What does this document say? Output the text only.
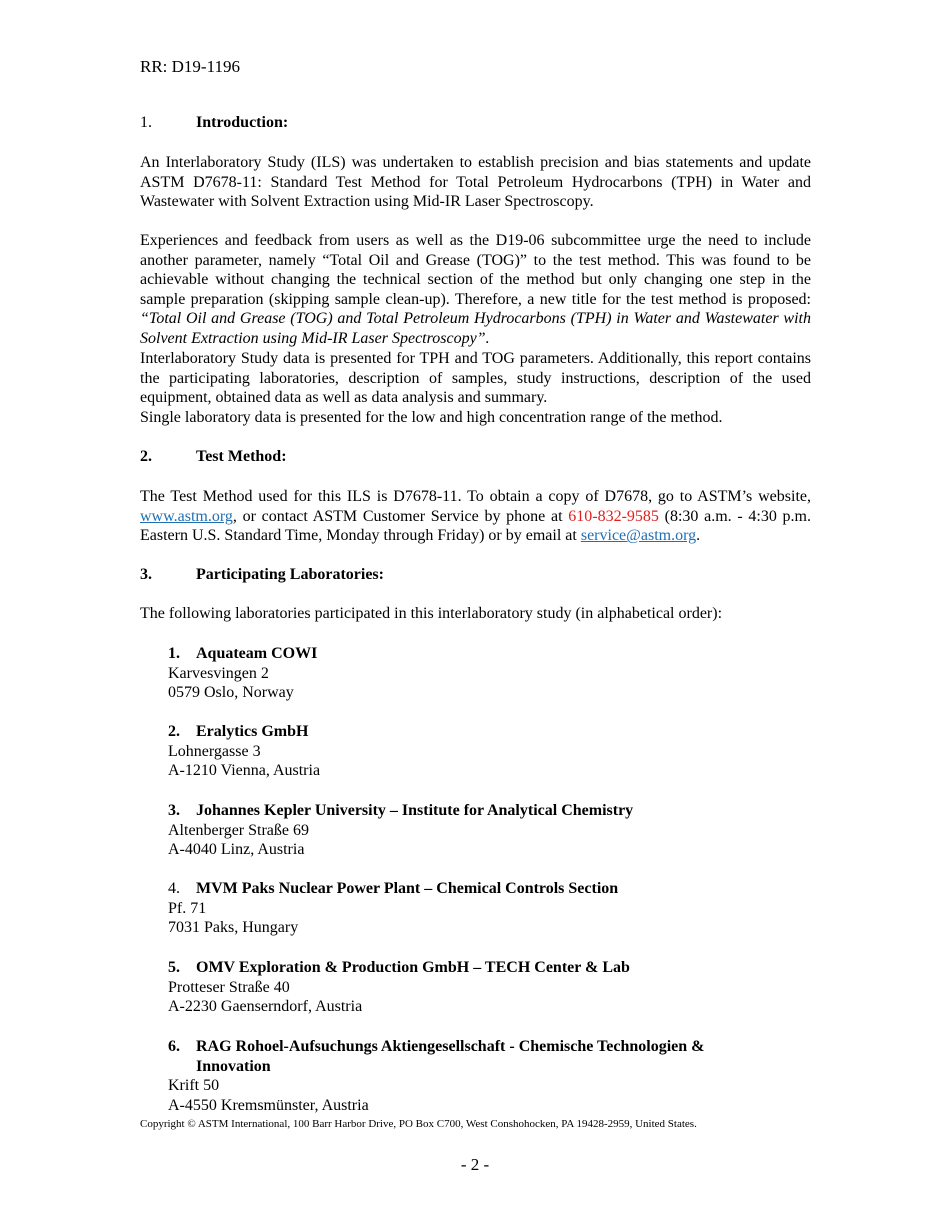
RR: D19-1196
1.	Introduction:

An Interlaboratory Study (ILS) was undertaken to establish precision and bias statements and update ASTM D7678-11: Standard Test Method for Total Petroleum Hydrocarbons (TPH) in Water and Wastewater with Solvent Extraction using Mid-IR Laser Spectroscopy.

Experiences and feedback from users as well as the D19-06 subcommittee urge the need to include another parameter, namely “Total Oil and Grease (TOG)” to the test method. This was found to be achievable without changing the technical section of the method but only changing one step in the sample preparation (skipping sample clean-up). Therefore, a new title for the test method is proposed: “Total Oil and Grease (TOG) and Total Petroleum Hydrocarbons (TPH) in Water and Wastewater with Solvent Extraction using Mid-IR Laser Spectroscopy”.

Interlaboratory Study data is presented for TPH and TOG parameters. Additionally, this report contains the participating laboratories, description of samples, study instructions, description of the used equipment, obtained data as well as data analysis and summary.

Single laboratory data is presented for the low and high concentration range of the method.

2.	Test Method:

The Test Method used for this ILS is D7678-11. To obtain a copy of D7678, go to ASTM’s website, www.astm.org, or contact ASTM Customer Service by phone at 610-832-9585 (8:30 a.m. - 4:30 p.m. Eastern U.S. Standard Time, Monday through Friday) or by email at service@astm.org.

3.	Participating Laboratories:

The following laboratories participated in this interlaboratory study (in alphabetical order):

1.	Aquateam COWI
Karvesvingen 2
0579 Oslo, Norway
2.	Eralytics GmbH
Lohnergasse 3
A-1210 Vienna, Austria
3.	Johannes Kepler University – Institute for Analytical Chemistry
Altenberger Straße 69
A-4040 Linz, Austria
4.	MVM Paks Nuclear Power Plant – Chemical Controls Section
Pf. 71
7031 Paks, Hungary
5.	OMV Exploration & Production GmbH – TECH Center & Lab
Protteser Straße 40
A-2230 Gaenserndorf, Austria
6.	RAG Rohoel-Aufsuchungs Aktiengesellschaft - Chemische Technologien & Innovation
Krift 50
A-4550 Kremsmünster, Austria
Copyright © ASTM International, 100 Barr Harbor Drive, PO Box C700, West Conshohocken, PA 19428-2959, United States.
- 2 -
